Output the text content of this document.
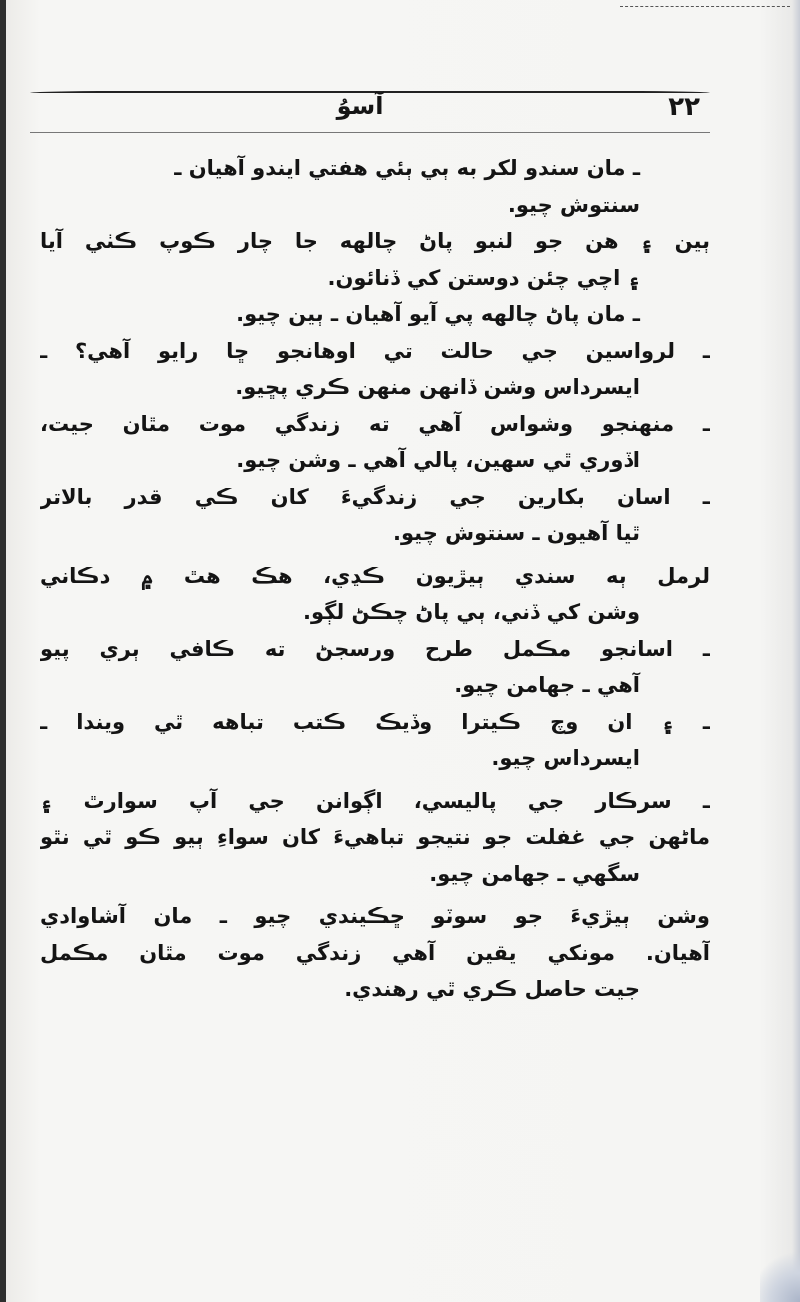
آسوُ	٢٢
ـ مان سندو لکر به ٻي ٻئي هفتي ايندو آهيان ـ
سنتوش چيو.
ٻين ۽ هن جو لنبو پاڻ چالهه جا چار ڪوپ ڪٺي آيا
۽ اچي چئن دوستن کي ڏنائون.
ـ مان پاڻ چالهه پي آيو آهيان ـ ٻين چيو.
ـ لرواسين جي حالت تي اوهانجو ڇا رايو آهي؟ ـ
ايسرداس وشن ڏانهن منهن ڪري پڇيو.
ـ منهنجو وشواس آهي ته زندگي موت مٿان جيت،
اڏوري ٿي سهين، پالي آهي ـ وشن چيو.
ـ اسان بکارين جي زندگيءَ کان ڪي قدر بالاتر
ٿيا آهيون ـ سنتوش چيو.
لرمل ٻه سندي ٻيڙيون ڪڍي، هڪ هٿ ۾ دڪاني
وشن کي ڏني، ٻي پاڻ چڪڻ لڳو.
ـ اسانجو مڪمل طرح ورسجڻ ته ڪافي ٻري پيو
آهي ـ جهامن چيو.
ـ ۽ ان وچ ڪيترا وڏيڪ ڪتب تباهه ٿي ويندا ـ
ايسرداس چيو.
ـ سرڪار جي پاليسي، اڳوانن جي آپ سوارٿ ۽
ماڻهن جي غفلت جو نتيجو تباهيءَ کان سواءِ ٻيو ڪو ٿي نٿو
سگهي ـ جهامن چيو.
وشن ٻيڙيءَ جو سوٽو ڇڪيندي چيو ـ مان آشاوادي
آهيان. مونکي يقين آهي زندگي موت مٿان مڪمل
جيت حاصل ڪري ٿي رهندي.
